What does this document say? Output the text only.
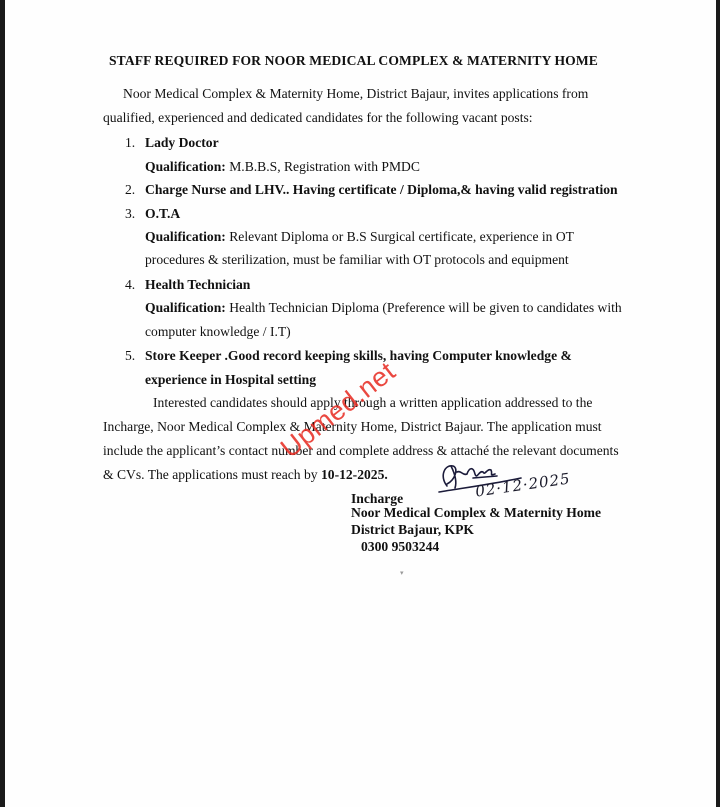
STAFF REQUIRED FOR NOOR MEDICAL COMPLEX & MATERNITY HOME
Noor Medical Complex & Maternity Home, District Bajaur, invites applications from
qualified, experienced and dedicated candidates for the following vacant posts:
1. Lady Doctor
Qualification: M.B.B.S, Registration with PMDC
2. Charge Nurse and LHV.. Having certificate / Diploma,& having valid registration
3. O.T.A
Qualification: Relevant Diploma or B.S Surgical certificate, experience in OT
procedures & sterilization, must be familiar with OT protocols and equipment
4. Health Technician
Qualification: Health Technician Diploma (Preference will be given to candidates with
computer knowledge / I.T)
5. Store Keeper .Good record keeping skills, having Computer knowledge &
experience in Hospital setting
Interested candidates should apply through a written application addressed to the
Incharge, Noor Medical Complex & Maternity Home, District Bajaur. The application must
include the applicant’s contact number and complete address & attaché the relevant documents
& CVs. The applications must reach by 10-12-2025.
Upmed.net
02·12·2025
Incharge
Noor Medical Complex & Maternity Home
District Bajaur, KPK
0300 9503244
▾
